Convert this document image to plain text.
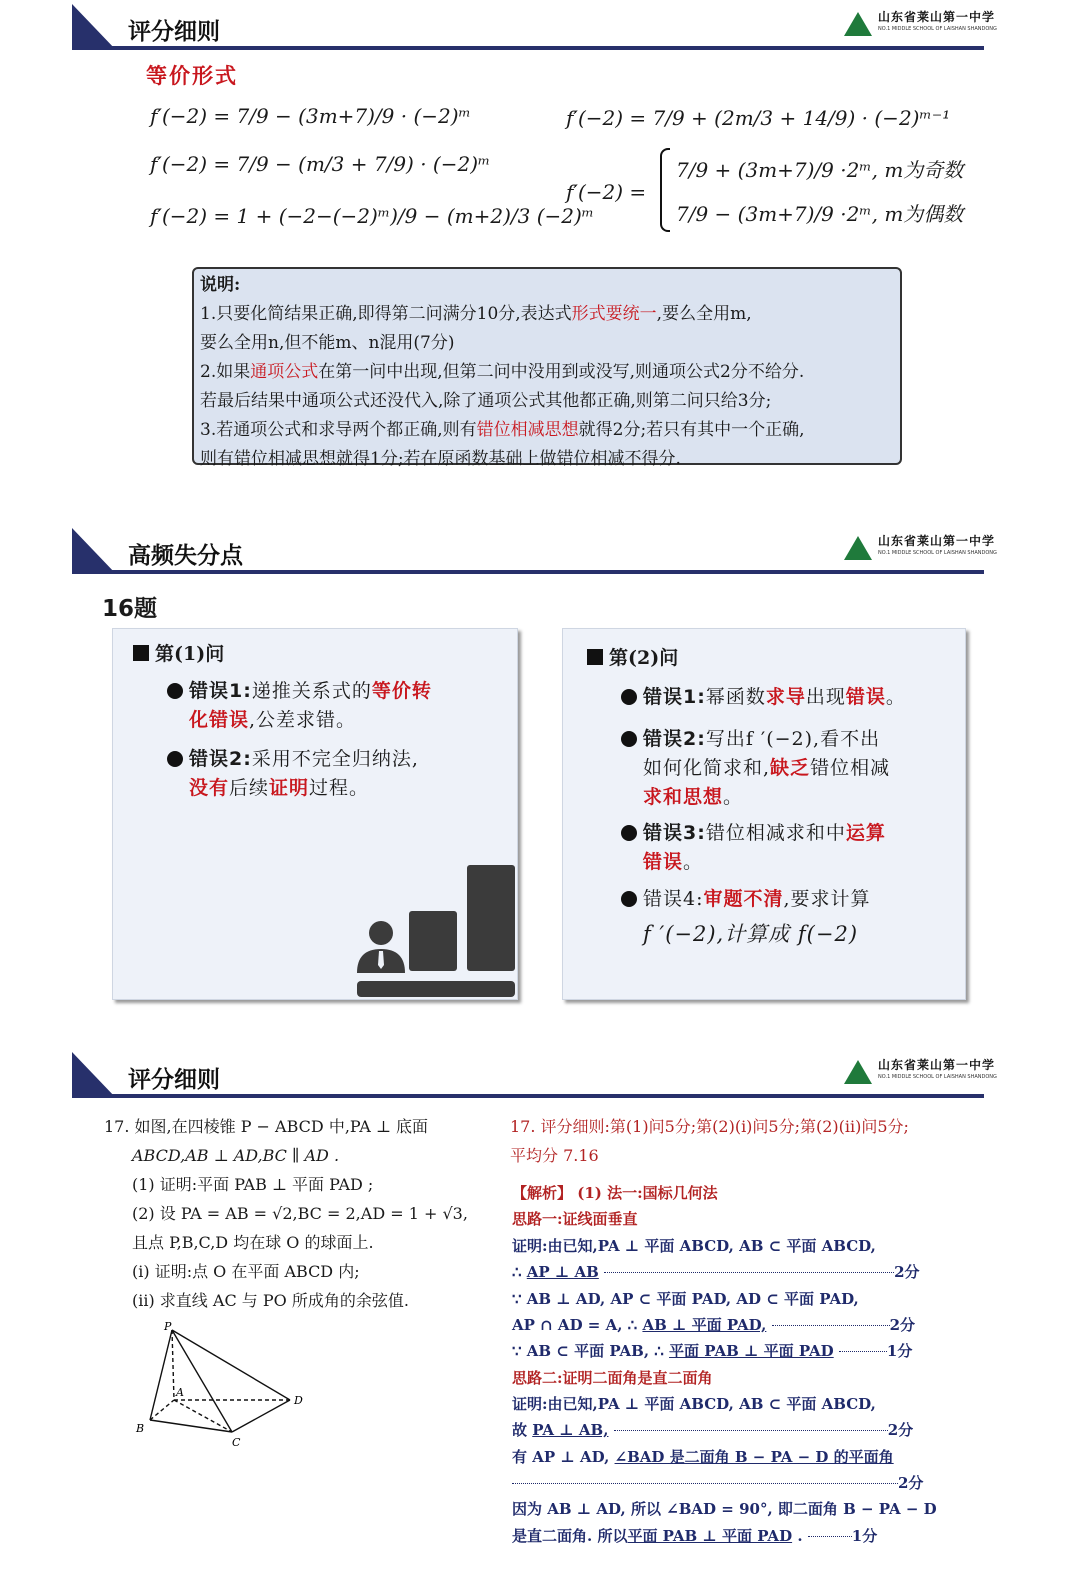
评分细则
山东省莱山第一中学
NO.1 MIDDLE SCHOOL OF LAISHAN SHANDONG
等价形式
f′(−2) = 7/9 − (3m+7)/9 · (−2)ᵐ
f′(−2) = 7/9 − (m/3 + 7/9) · (−2)ᵐ
f′(−2) = 1 + (−2−(−2)ᵐ)/9 − (m+2)/3 (−2)ᵐ
f′(−2) = 7/9 + (2m/3 + 14/9) · (−2)ᵐ⁻¹
f′(−2) =
7/9 + (3m+7)/9 ·2ᵐ, m为奇数
7/9 − (3m+7)/9 ·2ᵐ, m为偶数
说明:
1.只要化简结果正确,即得第二问满分10分,表达式形式要统一,要么全用m,
要么全用n,但不能m、n混用(7分)
2.如果通项公式在第一问中出现,但第二问中没用到或没写,则通项公式2分不给分.
若最后结果中通项公式还没代入,除了通项公式其他都正确,则第二问只给3分;
3.若通项公式和求导两个都正确,则有错位相减思想就得2分;若只有其中一个正确,
则有错位相减思想就得1分;若在原函数基础上做错位相减不得分.
高频失分点
山东省莱山第一中学
NO.1 MIDDLE SCHOOL OF LAISHAN SHANDONG
16题
第(1)问
错误1:递推关系式的等价转
化错误,公差求错。
错误2:采用不完全归纳法,
没有后续证明过程。
第(2)问
错误1:幂函数求导出现错误。
错误2:写出f ′(−2),看不出
如何化简求和,缺乏错位相减
求和思想。
错误3:错位相减求和中运算
错误。
错误4:审题不清,要求计算
f ′(−2),计算成 f(−2)
评分细则
山东省莱山第一中学
NO.1 MIDDLE SCHOOL OF LAISHAN SHANDONG
17. 如图,在四棱锥 P − ABCD 中,PA ⊥ 底面
ABCD,AB ⊥ AD,BC ∥ AD .
(1) 证明:平面 PAB ⊥ 平面 PAD ;
(2) 设 PA = AB = √2,BC = 2,AD = 1 + √3,
且点 P,B,C,D 均在球 O 的球面上.
(i) 证明:点 O 在平面 ABCD 内;
(ii) 求直线 AC 与 PO 所成角的余弦值.
P
A
B
C
D
17. 评分细则:第(1)问5分;第(2)(i)问5分;第(2)(ii)问5分;
平均分 7.16
【解析】 (1) 法一:国标几何法
思路一:证线面垂直
证明:由已知,PA ⊥ 平面 ABCD, AB ⊂ 平面 ABCD,
∴ AP ⊥ AB	2分
∵ AB ⊥ AD, AP ⊂ 平面 PAD, AD ⊂ 平面 PAD,
AP ∩ AD = A, ∴ AB ⊥ 平面 PAD,	2分
∵ AB ⊂ 平面 PAB, ∴ 平面 PAB ⊥ 平面 PAD	1分
思路二:证明二面角是直二面角
证明:由已知,PA ⊥ 平面 ABCD, AB ⊂ 平面 ABCD,
故 PA ⊥ AB,	2分
有 AP ⊥ AD, ∠BAD 是二面角 B − PA − D 的平面角
2分
因为 AB ⊥ AD, 所以 ∠BAD = 90°, 即二面角 B − PA − D
是直二面角. 所以平面 PAB ⊥ 平面 PAD .	1分
